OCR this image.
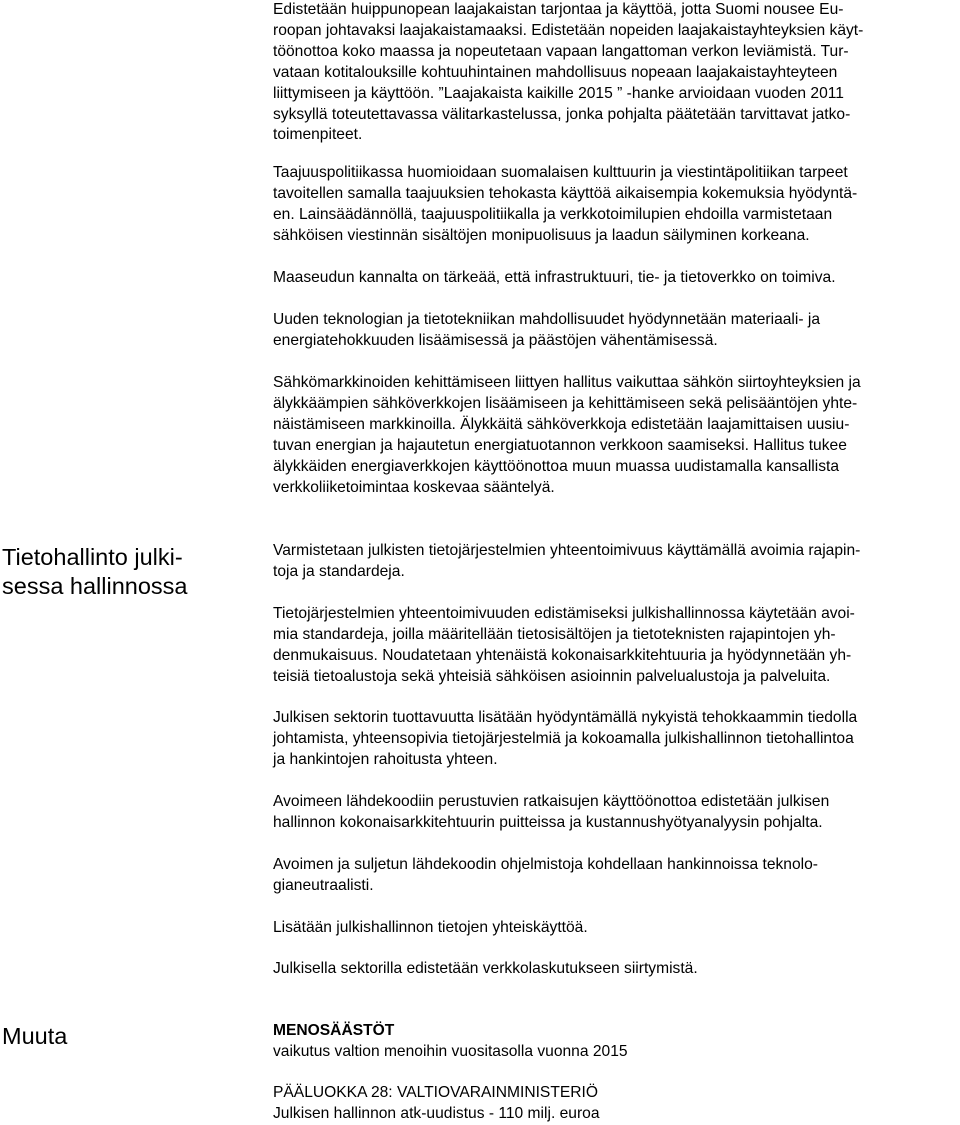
Edistetään huippunopean laajakaistan tarjontaa ja käyttöä, jotta Suomi nousee Eu-
roopan johtavaksi laajakaistamaaksi. Edistetään nopeiden laajakaistayhteyksien käyt-
töönottoa koko maassa ja nopeutetaan vapaan langattoman verkon leviämistä. Tur-
vataan kotitalouksille kohtuuhintainen mahdollisuus nopeaan laajakaistayhteyteen
liittymiseen ja käyttöön. ”Laajakaista kaikille 2015 ” -hanke arvioidaan vuoden 2011
syksyllä toteutettavassa välitarkastelussa, jonka pohjalta päätetään tarvittavat jatko-
toimenpiteet.
Taajuuspolitiikassa huomioidaan suomalaisen kulttuurin ja viestintäpolitiikan tarpeet
tavoitellen samalla taajuuksien tehokasta käyttöä aikaisempia kokemuksia hyödyntä-
en. Lainsäädännöllä, taajuuspolitiikalla ja verkkotoimilupien ehdoilla varmistetaan
sähköisen viestinnän sisältöjen monipuolisuus ja laadun säilyminen korkeana.
Maaseudun kannalta on tärkeää, että infrastruktuuri, tie- ja tietoverkko on toimiva.
Uuden teknologian ja tietotekniikan mahdollisuudet hyödynnetään materiaali- ja
energiatehokkuuden lisäämisessä ja päästöjen vähentämisessä.
Sähkömarkkinoiden kehittämiseen liittyen hallitus vaikuttaa sähkön siirtoyhteyksien ja
älykkäämpien sähköverkkojen lisäämiseen ja kehittämiseen sekä pelisääntöjen yhte-
näistämiseen markkinoilla. Älykkäitä sähköverkkoja edistetään laajamittaisen uusiu-
tuvan energian ja hajautetun energiatuotannon verkkoon saamiseksi. Hallitus tukee
älykkäiden energiaverkkojen käyttöönottoa muun muassa uudistamalla kansallista
verkkoliiketoimintaa koskevaa sääntelyä.
Tietohallinto julki-
sessa hallinnossa
Varmistetaan julkisten tietojärjestelmien yhteentoimivuus käyttämällä avoimia rajapin-
toja ja standardeja.
Tietojärjestelmien yhteentoimivuuden edistämiseksi julkishallinnossa käytetään avoi-
mia standardeja, joilla määritellään tietosisältöjen ja tietoteknisten rajapintojen yh-
denmukaisuus. Noudatetaan yhtenäistä kokonaisarkkitehtuuria ja hyödynnetään yh-
teisiä tietoalustoja sekä yhteisiä sähköisen asioinnin palvelualustoja ja palveluita.
Julkisen sektorin tuottavuutta lisätään hyödyntämällä nykyistä tehokkaammin tiedolla
johtamista, yhteensopivia tietojärjestelmiä ja kokoamalla julkishallinnon tietohallintoa
ja hankintojen rahoitusta yhteen.
Avoimeen lähdekoodiin perustuvien ratkaisujen käyttöönottoa edistetään julkisen
hallinnon kokonaisarkkitehtuurin puitteissa ja kustannushyötyanalyysin pohjalta.
Avoimen ja suljetun lähdekoodin ohjelmistoja kohdellaan hankinnoissa teknolo-
gianeutraalisti.
Lisätään julkishallinnon tietojen yhteiskäyttöä.
Julkisella sektorilla edistetään verkkolaskutukseen siirtymistä.
Muuta	MENOSÄÄSTÖT
vaikutus valtion menoihin vuositasolla vuonna 2015
PÄÄLUOKKA 28: VALTIOVARAINMINISTERIÖ
Julkisen hallinnon atk-uudistus - 110 milj. euroa
